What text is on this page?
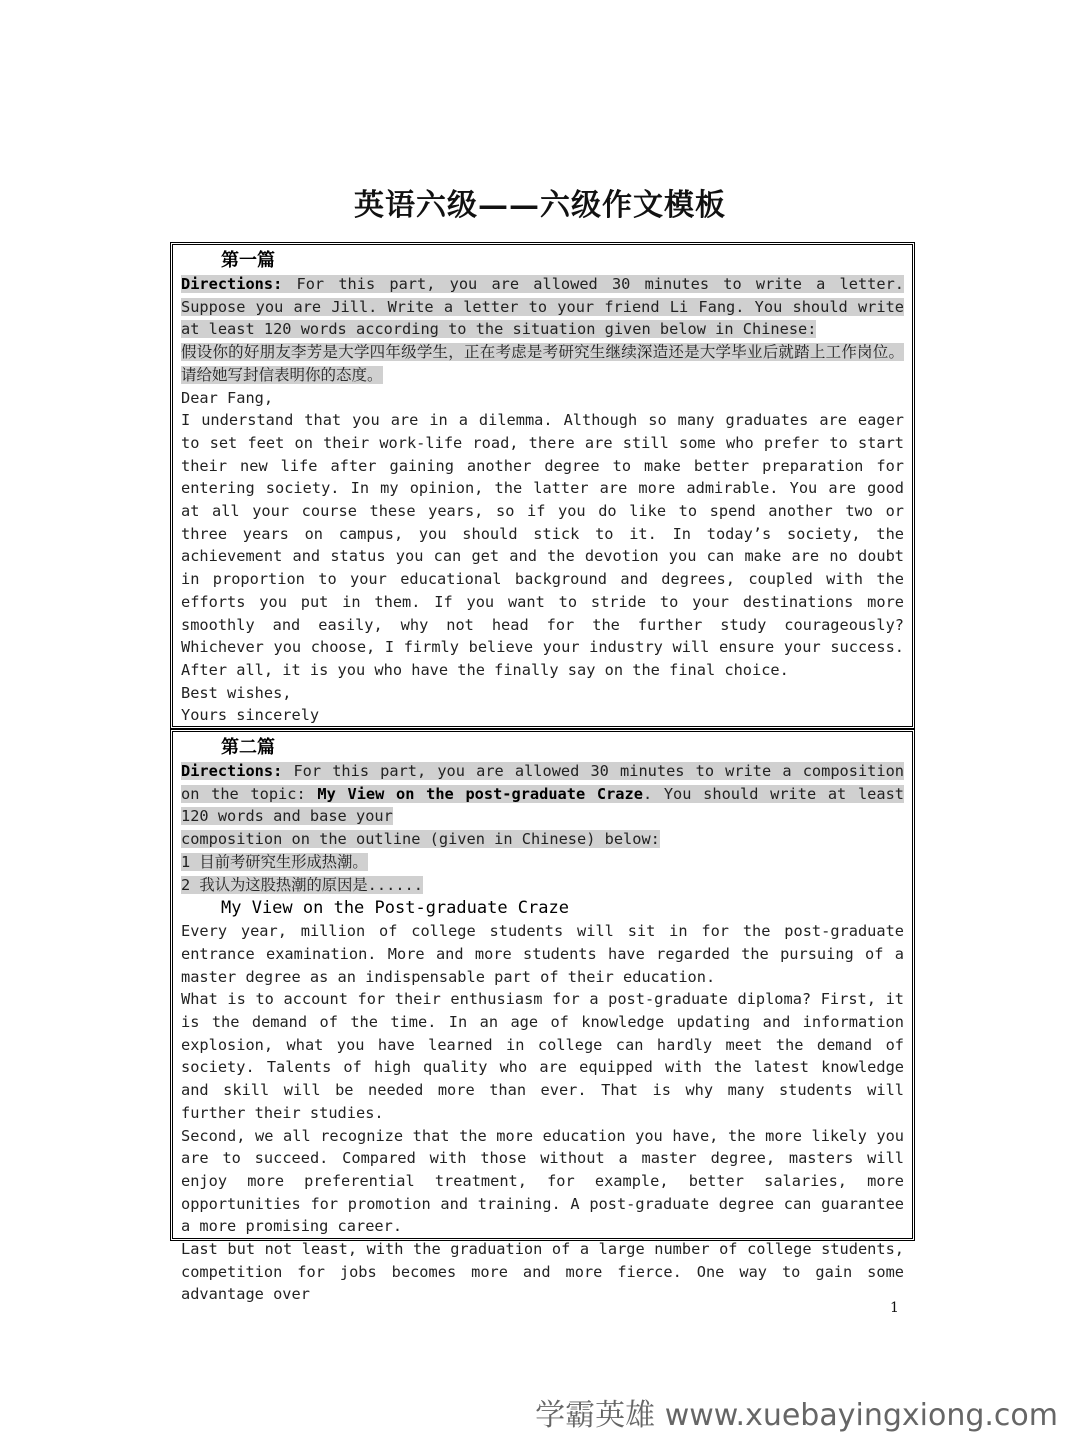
英语六级——六级作文模板
第一篇

Directions: For this part, you are allowed 30 minutes to write a letter. Suppose you are Jill. Write a letter to your friend Li Fang. You should write at least 120 words according to the situation given below in Chinese:

假设你的好朋友李芳是大学四年级学生，正在考虑是考研究生继续深造还是大学毕业后就踏上工作岗位。请给她写封信表明你的态度。

Dear Fang,

I understand that you are in a dilemma. Although so many graduates are eager to set feet on their work-life road, there are still some who prefer to start their new life after gaining another degree to make better preparation for entering society. In my opinion, the latter are more admirable. You are good at all your course these years, so if you do like to spend another two or three years on campus, you should stick to it. In today’s society, the achievement and status you can get and the devotion you can make are no doubt in proportion to your educational background and degrees, coupled with the efforts you put in them. If you want to stride to your destinations more smoothly and easily, why not head for the further study courageously? Whichever you choose, I firmly believe your industry will ensure your success. After all, it is you who have the finally say on the final choice.

Best wishes,

Yours sincerely

第二篇

Directions: For this part, you are allowed 30 minutes to write a composition on the topic: My View on the post-graduate Craze. You should write at least 120 words and base your

composition on the outline (given in Chinese) below:

1 目前考研究生形成热潮。

2 我认为这股热潮的原因是......

My View on the Post-graduate Craze

Every year, million of college students will sit in for the post-graduate entrance examination. More and more students have regarded the pursuing of a master degree as an indispensable part of their education.

What is to account for their enthusiasm for a post-graduate diploma? First, it is the demand of the time. In an age of knowledge updating and information explosion, what you have learned in college can hardly meet the demand of society. Talents of high quality who are equipped with the latest knowledge and skill will be needed more than ever. That is why many students will further their studies.

Second, we all recognize that the more education you have, the more likely you are to succeed. Compared with those without a master degree, masters will enjoy more preferential treatment, for example, better salaries, more opportunities for promotion and training. A post-graduate degree can guarantee a more promising career.

Last but not least, with the graduation of a large number of college students, competition for jobs becomes more and more fierce. One way to gain some advantage over

1
学霸英雄 www.xuebayingxiong.com
